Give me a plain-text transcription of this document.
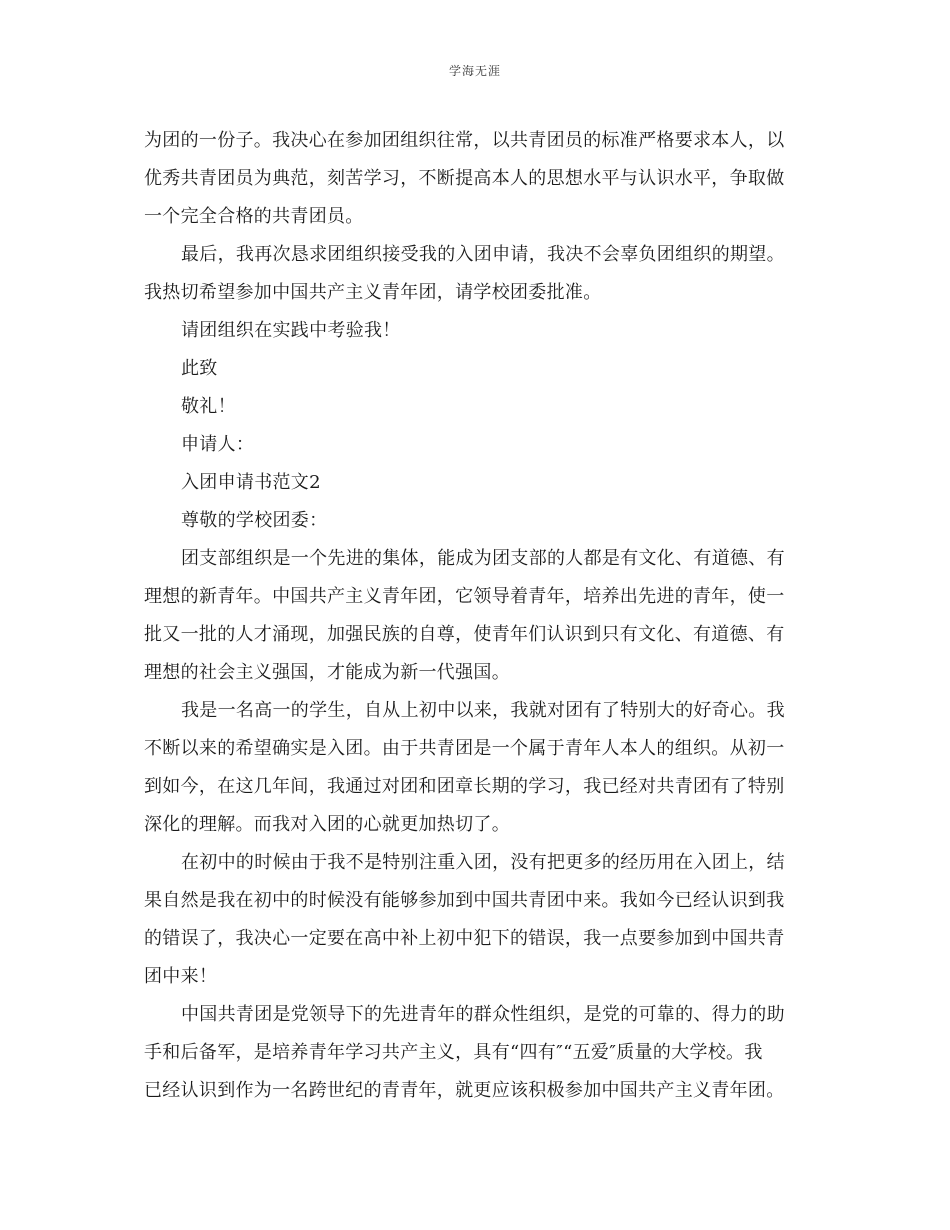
学海无涯
为团的一份子。我决心在参加团组织往常，以共青团员的标准严格要求本人，以
优秀共青团员为典范，刻苦学习，不断提高本人的思想水平与认识水平，争取做
一个完全合格的共青团员。
最后，我再次恳求团组织接受我的入团申请，我决不会辜负团组织的期望。
我热切希望参加中国共产主义青年团，请学校团委批准。
请团组织在实践中考验我！
此致
敬礼！
申请人：
入团申请书范文2
尊敬的学校团委：
团支部组织是一个先进的集体，能成为团支部的人都是有文化、有道德、有
理想的新青年。中国共产主义青年团，它领导着青年，培养出先进的青年，使一
批又一批的人才涌现，加强民族的自尊，使青年们认识到只有文化、有道德、有
理想的社会主义强国，才能成为新一代强国。
我是一名高一的学生，自从上初中以来，我就对团有了特别大的好奇心。我
不断以来的希望确实是入团。由于共青团是一个属于青年人本人的组织。从初一
到如今，在这几年间，我通过对团和团章长期的学习，我已经对共青团有了特别
深化的理解。而我对入团的心就更加热切了。
在初中的时候由于我不是特别注重入团，没有把更多的经历用在入团上，结
果自然是我在初中的时候没有能够参加到中国共青团中来。我如今已经认识到我
的错误了，我决心一定要在高中补上初中犯下的错误，我一点要参加到中国共青
团中来！
中国共青团是党领导下的先进青年的群众性组织，是党的可靠的、得力的助
手和后备军，是培养青年学习共产主义，具有“四有″“五爱″质量的大学校。我
已经认识到作为一名跨世纪的青青年，就更应该积极参加中国共产主义青年团。
